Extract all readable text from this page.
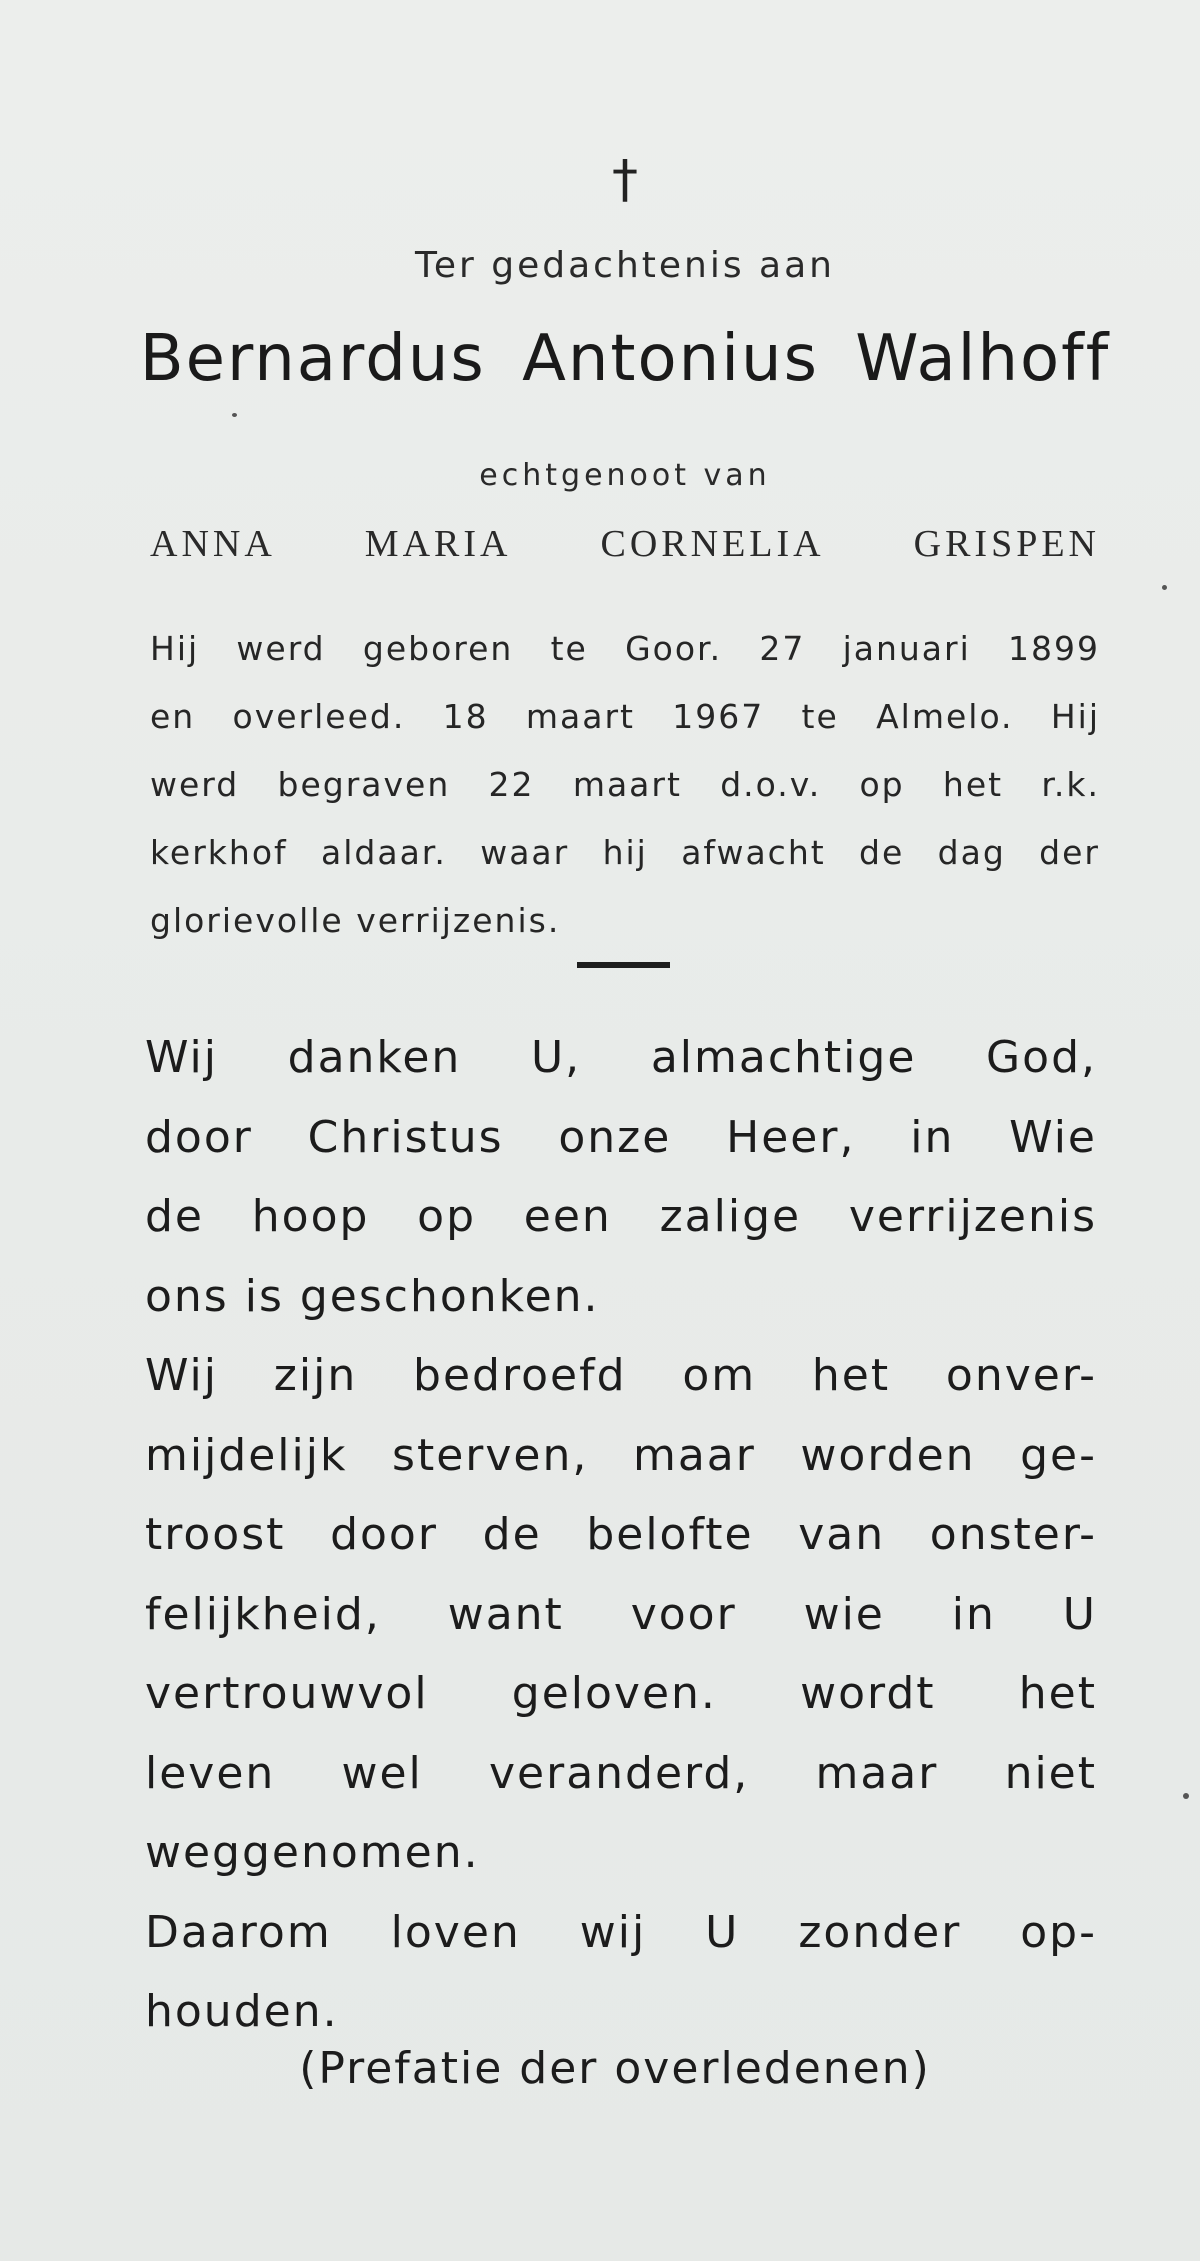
†
Ter gedachtenis aan
Bernardus Antonius Walhoff
echtgenoot van
ANNA MARIA CORNELIA GRISPEN
Hij werd geboren te Goor. 27 januari 1899
en overleed. 18 maart 1967 te Almelo. Hij
werd begraven 22 maart d.o.v. op het r.k.
kerkhof aldaar. waar hij afwacht de dag der
glorievolle verrijzenis.
Wij danken U, almachtige God,
door Christus onze Heer, in Wie
de hoop op een zalige verrijzenis
ons is geschonken.
Wij zijn bedroefd om het onver-
mijdelijk sterven, maar worden ge-
troost door de belofte van onster-
felijkheid, want voor wie in U
vertrouwvol geloven. wordt het
leven wel veranderd, maar niet
weggenomen.
Daarom loven wij U zonder op-
houden.
(Prefatie der overledenen)
